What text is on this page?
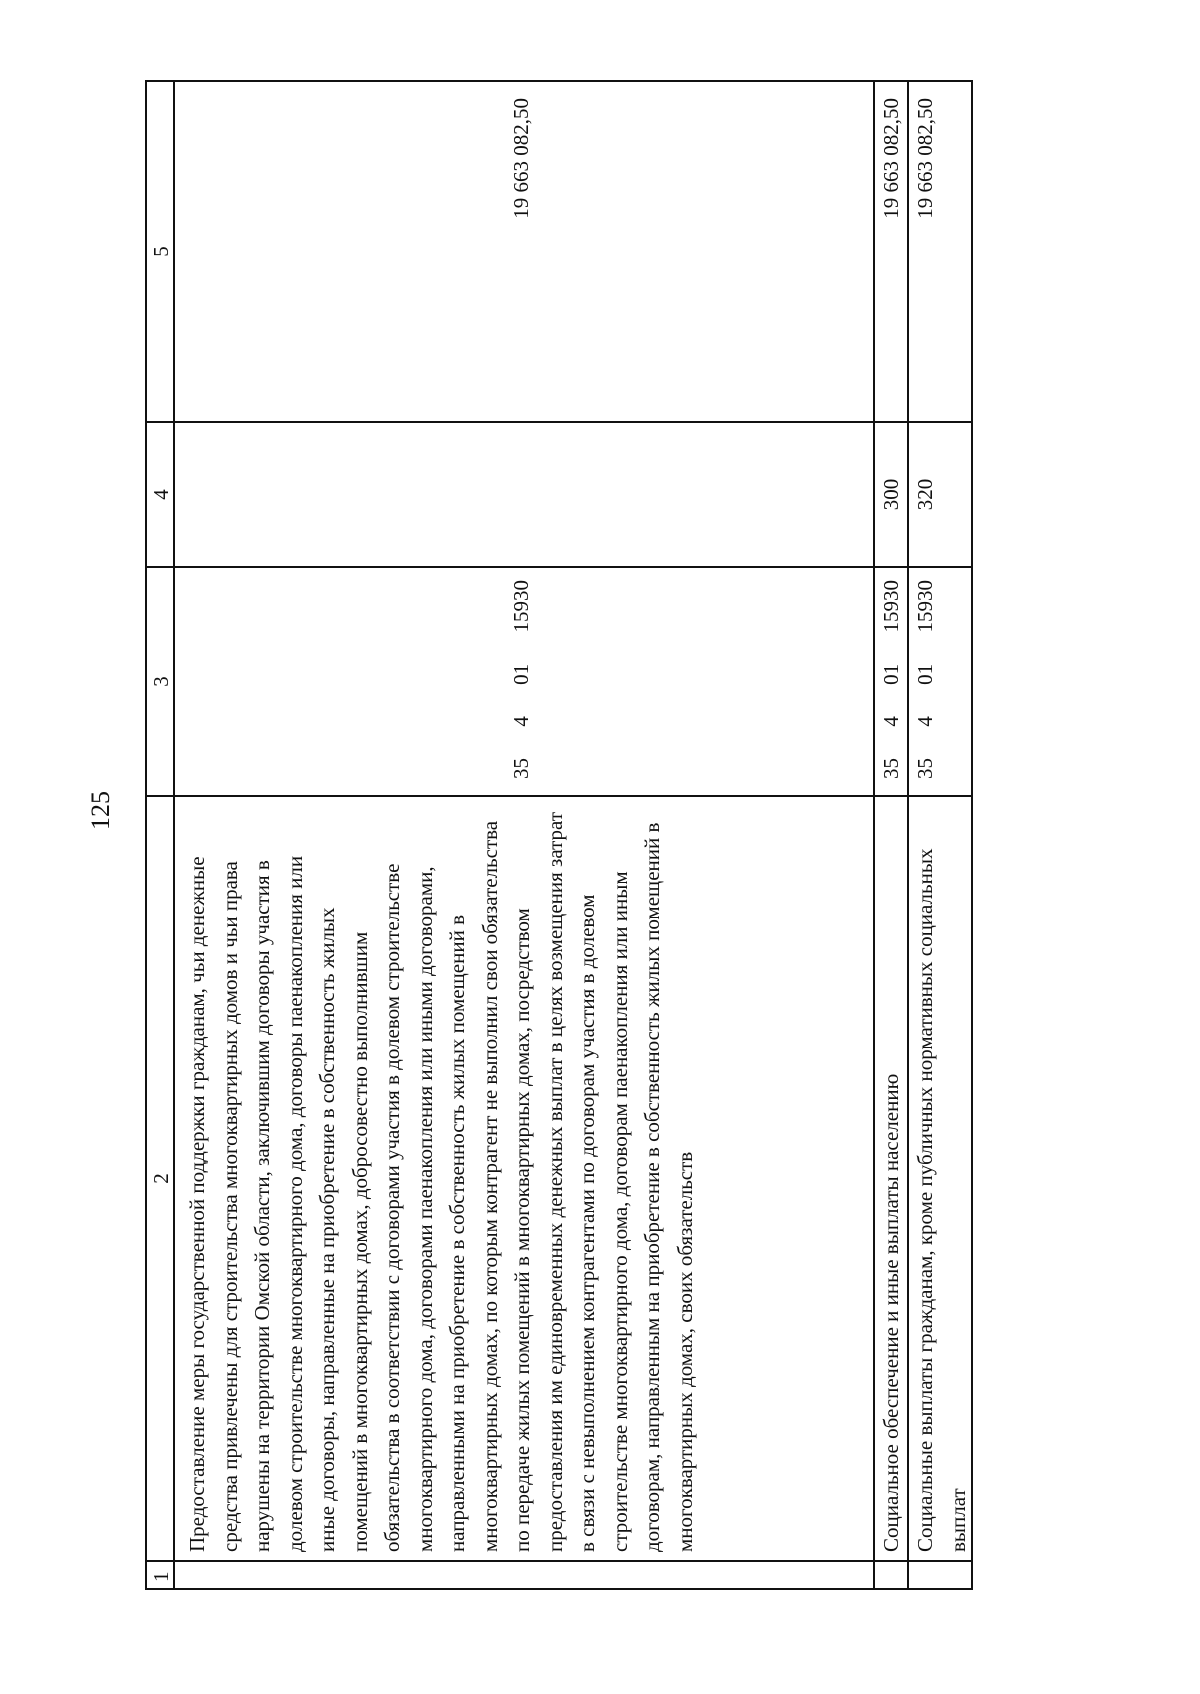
125
1
2
3
4
5
Предоставление меры государственной поддержки гражданам, чьи денежные средства привлечены для строительства многоквартирных домов и чьи права нарушены на территории Омской области, заключившим договоры участия в долевом строительстве многоквартирного дома, договоры паенакопления или иные договоры, направленные на приобретение в собственность жилых помещений в многоквартирных домах, добросовестно выполнившим обязательства в соответствии с договорами участия в долевом строительстве многоквартирного дома, договорами паенакопления или иными договорами, направленными на приобретение в собственность жилых помещений в многоквартирных домах, по которым контрагент не выполнил свои обязательства по передаче жилых помещений в многоквартирных домах, посредством предоставления им единовременных денежных выплат в целях возмещения затрат в связи с невыполнением контрагентами по договорам участия в долевом строительстве многоквартирного дома, договорам паенакопления или иным договорам, направленным на приобретение в собственность жилых помещений в многоквартирных домах, своих обязательств
35
4
01
15930
19 663 082,50
Социальное обеспечение и иные выплаты населению
35
4
01
15930
300
19 663 082,50
Социальные выплаты гражданам, кроме публичных нормативных социальных выплат
35
4
01
15930
320
19 663 082,50
